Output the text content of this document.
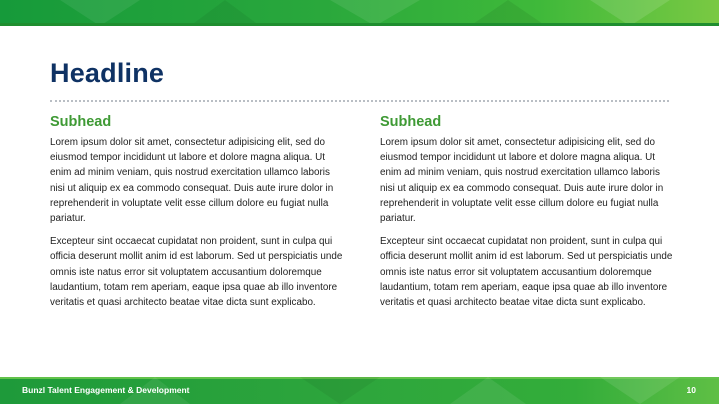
Headline
Subhead

Lorem ipsum dolor sit amet, consectetur adipisicing elit, sed do eiusmod tempor incididunt ut labore et dolore magna aliqua. Ut enim ad minim veniam, quis nostrud exercitation ullamco laboris nisi ut aliquip ex ea commodo consequat. Duis aute irure dolor in reprehenderit in voluptate velit esse cillum dolore eu fugiat nulla pariatur.

Excepteur sint occaecat cupidatat non proident, sunt in culpa qui officia deserunt mollit anim id est laborum. Sed ut perspiciatis unde omnis iste natus error sit voluptatem accusantium doloremque laudantium, totam rem aperiam, eaque ipsa quae ab illo inventore veritatis et quasi architecto beatae vitae dicta sunt explicabo.

Subhead

Lorem ipsum dolor sit amet, consectetur adipisicing elit, sed do eiusmod tempor incididunt ut labore et dolore magna aliqua. Ut enim ad minim veniam, quis nostrud exercitation ullamco laboris nisi ut aliquip ex ea commodo consequat. Duis aute irure dolor in reprehenderit in voluptate velit esse cillum dolore eu fugiat nulla pariatur.

Excepteur sint occaecat cupidatat non proident, sunt in culpa qui officia deserunt mollit anim id est laborum. Sed ut perspiciatis unde omnis iste natus error sit voluptatem accusantium doloremque laudantium, totam rem aperiam, eaque ipsa quae ab illo inventore veritatis et quasi architecto beatae vitae dicta sunt explicabo.

Bunzl Talent Engagement & Development	10
